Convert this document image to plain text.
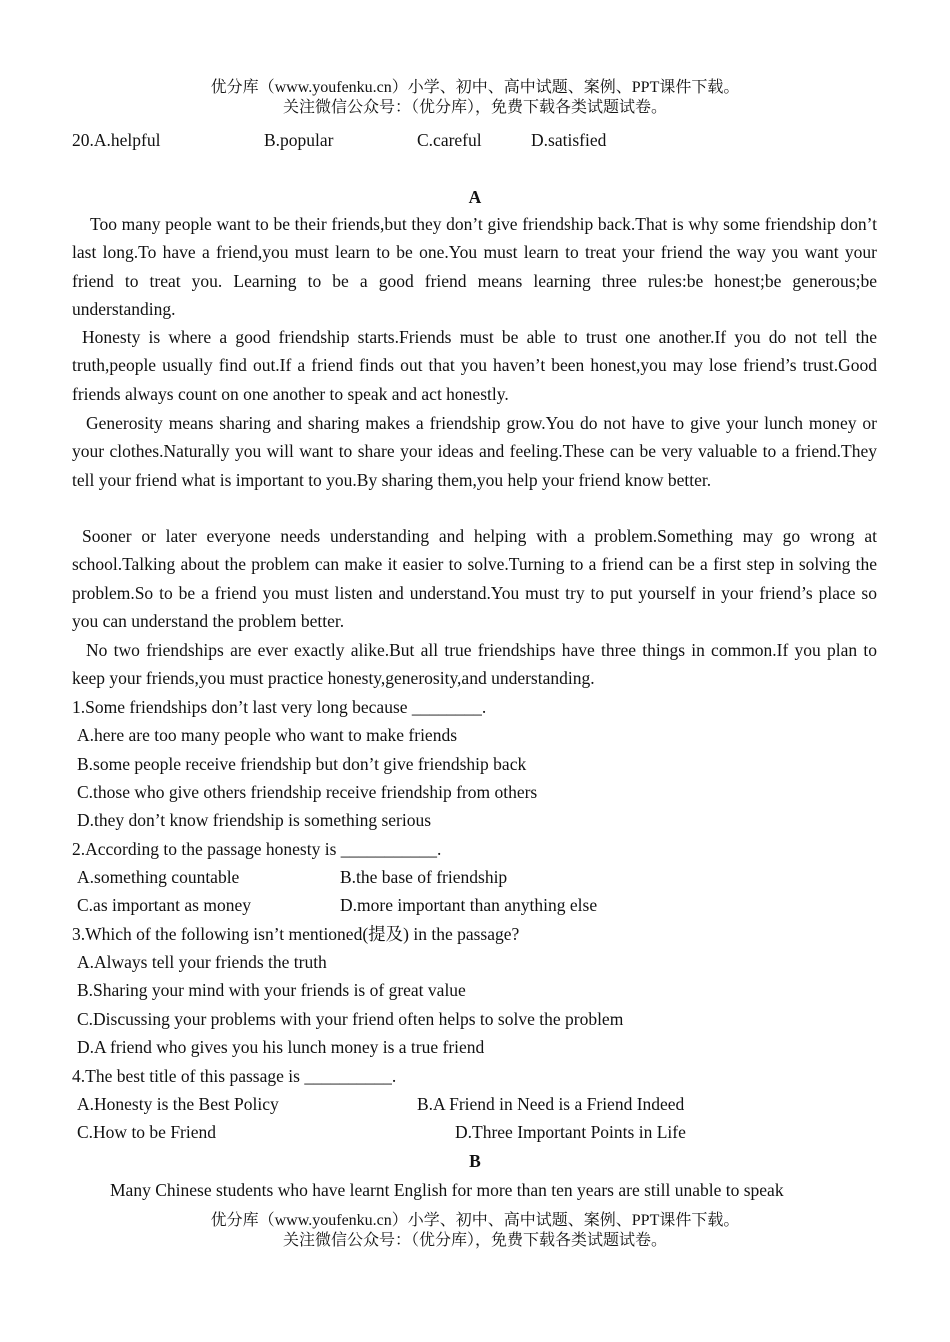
优分库（www.youfenku.cn）小学、初中、高中试题、案例、PPT课件下载。
关注微信公众号：（优分库），免费下载各类试题试卷。
20.A.helpful	B.popular	C.careful	D.satisfied
A
Too many people want to be their friends,but they don’t give friendship back.That is why some friendship don’t last long.To have a friend,you must learn to be one.You must learn to treat your friend the way you want your friend to treat you. Learning to be a good friend means learning three rules:be honest;be generous;be understanding.
Honesty is where a good friendship starts.Friends must be able to trust one another.If you do not tell the truth,people usually find out.If a friend finds out that you haven’t been honest,you may lose friend’s trust.Good friends always count on one another to speak and act honestly.
Generosity means sharing and sharing makes a friendship grow.You do not have to give your lunch money or your clothes.Naturally you will want to share your ideas and feeling.These can be very valuable to a friend.They tell your friend what is important to you.By sharing them,you help your friend know better.
Sooner or later everyone needs understanding and helping with a problem.Something may go wrong at school.Talking about the problem can make it easier to solve.Turning to a friend can be a first step in solving the problem.So to be a friend you must listen and understand.You must try to put yourself in your friend’s place so you can understand the problem better.
No two friendships are ever exactly alike.But all true friendships have three things in common.If you plan to keep your friends,you must practice honesty,generosity,and understanding.
1.Some friendships don’t last very long because ________.
A.here are too many people who want to make friends
B.some people receive friendship but don’t give friendship back
C.those who give others friendship receive friendship from others
D.they don’t know friendship is something serious
2.According to the passage honesty is ___________.
A.something countable	B.the base of friendship
C.as important as money	D.more important than anything else
3.Which of the following isn’t mentioned(提及) in the passage?
A.Always tell your friends the truth
B.Sharing your mind with your friends is of great value
C.Discussing your problems with your friend often helps to solve the problem
D.A friend who gives you his lunch money is a true friend
4.The best title of this passage is __________.
A.Honesty is the Best Policy	B.A Friend in Need is a Friend Indeed
C.How to be Friend	D.Three Important Points in Life
B
Many Chinese students who have learnt English for more than ten years are still unable to speak
优分库（www.youfenku.cn）小学、初中、高中试题、案例、PPT课件下载。
关注微信公众号：（优分库），免费下载各类试题试卷。
